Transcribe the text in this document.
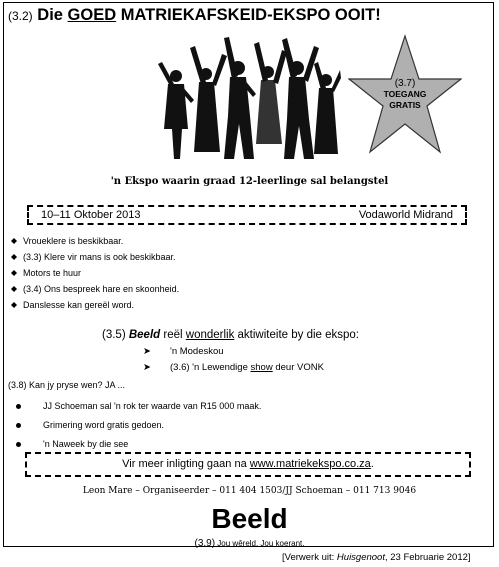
(3.2) Die GOED MATRIEKAFSKEID-EKSPO OOIT!
(3.7)
TOEGANG
GRATIS
'n Ekspo waarin graad 12-leerlinge sal belangstel
10–11 Oktober 2013	Vodaworld Midrand
Vroueklere is beskikbaar.
(3.3) Klere vir mans is ook beskikbaar.
Motors te huur
(3.4) Ons bespreek hare en skoonheid.
Danslesse kan gereël word.
(3.5) Beeld reël wonderlik aktiwiteite by die ekspo:
➤ 'n Modeskou
➤ (3.6) 'n Lewendige show deur VONK
(3.8) Kan jy pryse wen? JA ...
JJ Schoeman sal 'n rok ter waarde van R15 000 maak.
Grimering word gratis gedoen.
'n Naweek by die see
Vir meer inligting gaan na www.matriekekspo.co.za.
Leon Mare – Organiseerder – 011 404 1503/JJ Schoeman – 011 713 9046
Beeld
(3.9) Jou wêreld. Jou koerant.
[Verwerk uit: Huisgenoot, 23 Februarie 2012]
